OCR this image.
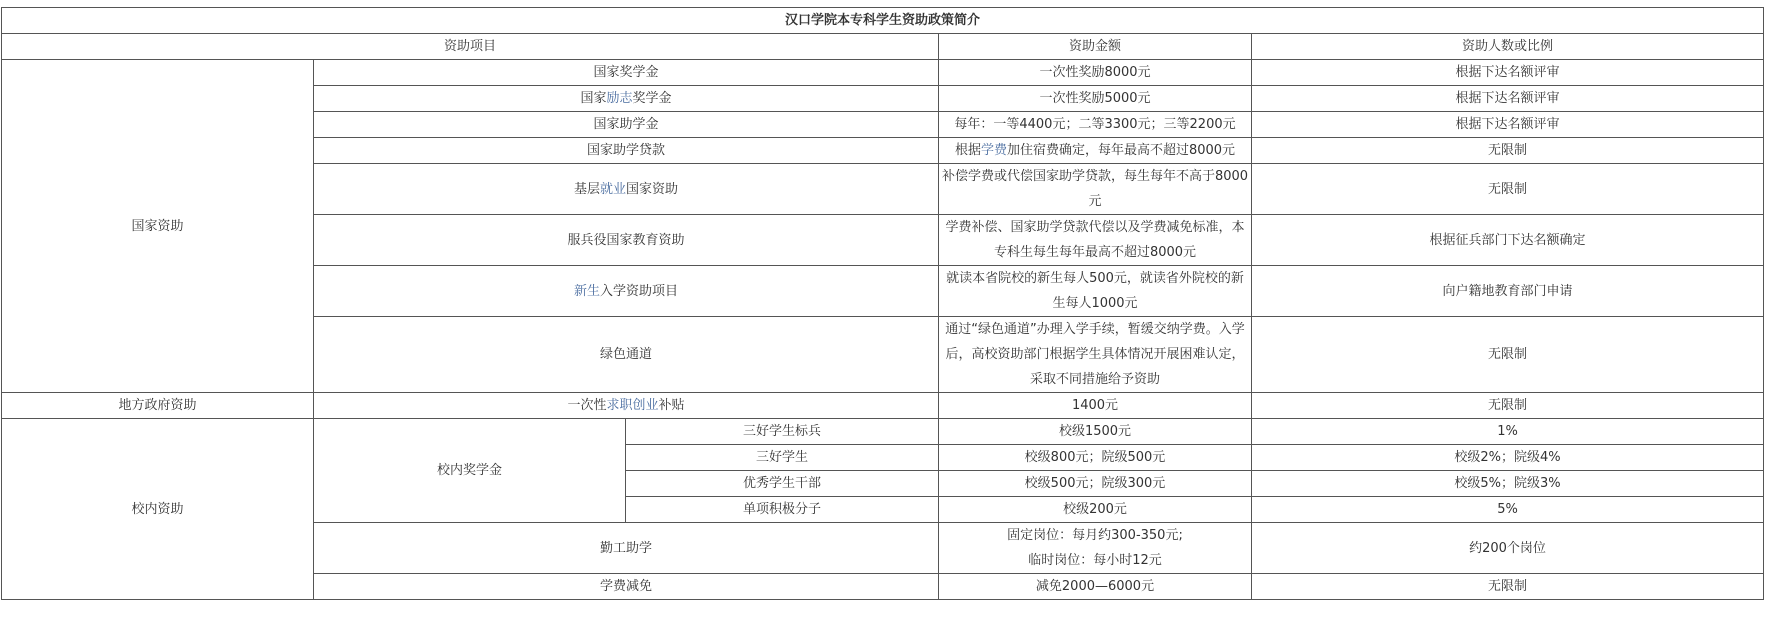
汉口学院本专科学生资助政策简介				
资助项目			资助金额	资助人数或比例
国家资助	国家奖学金		一次性奖励8000元	根据下达名额评审
	国家励志奖学金		一次性奖励5000元	根据下达名额评审
	国家助学金		每年：一等4400元；二等3300元；三等2200元	根据下达名额评审
	国家助学贷款		根据学费加住宿费确定，每年最高不超过8000元	无限制
	基层就业国家资助		补偿学费或代偿国家助学贷款，每生每年不高于8000元	无限制
	服兵役国家教育资助		学费补偿、国家助学贷款代偿以及学费减免标准，本专科生每生每年最高不超过8000元	根据征兵部门下达名额确定
	新生入学资助项目		就读本省院校的新生每人500元，就读省外院校的新生每人1000元	向户籍地教育部门申请
	绿色通道		通过“绿色通道”办理入学手续，暂缓交纳学费。入学后，高校资助部门根据学生具体情况开展困难认定，采取不同措施给予资助	无限制
地方政府资助	一次性求职创业补贴		1400元	无限制
校内资助	校内奖学金	三好学生标兵	校级1500元	1%
		三好学生	校级800元；院级500元	校级2%；院级4%
		优秀学生干部	校级500元；院级300元	校级5%；院级3%
		单项积极分子	校级200元	5%
	勤工助学		固定岗位：每月约300-350元;
临时岗位：每小时12元	约200个岗位
	学费减免		减免2000—6000元	无限制
